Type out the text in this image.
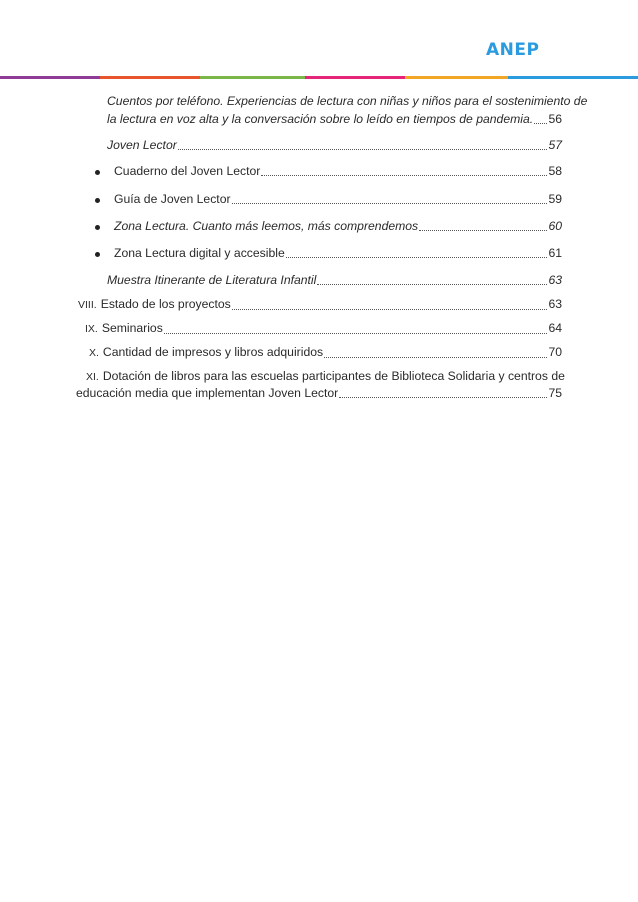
ANEP
Cuentos por teléfono. Experiencias de lectura con niñas y niños para el sostenimiento de
la lectura en voz alta y la conversación sobre lo leído en tiempos de pandemia. 56
Joven Lector	57
Cuaderno del Joven Lector	58
Guía de Joven Lector	59
Zona Lectura. Cuanto más leemos, más comprendemos	60
Zona Lectura digital y accesible	61
Muestra Itinerante de Literatura Infantil	63
VIII. Estado de los proyectos	63
IX. Seminarios	64
X. Cantidad de impresos y libros adquiridos	70
XI. Dotación de libros para las escuelas participantes de Biblioteca Solidaria y centros de
educación media que implementan Joven Lector	75
